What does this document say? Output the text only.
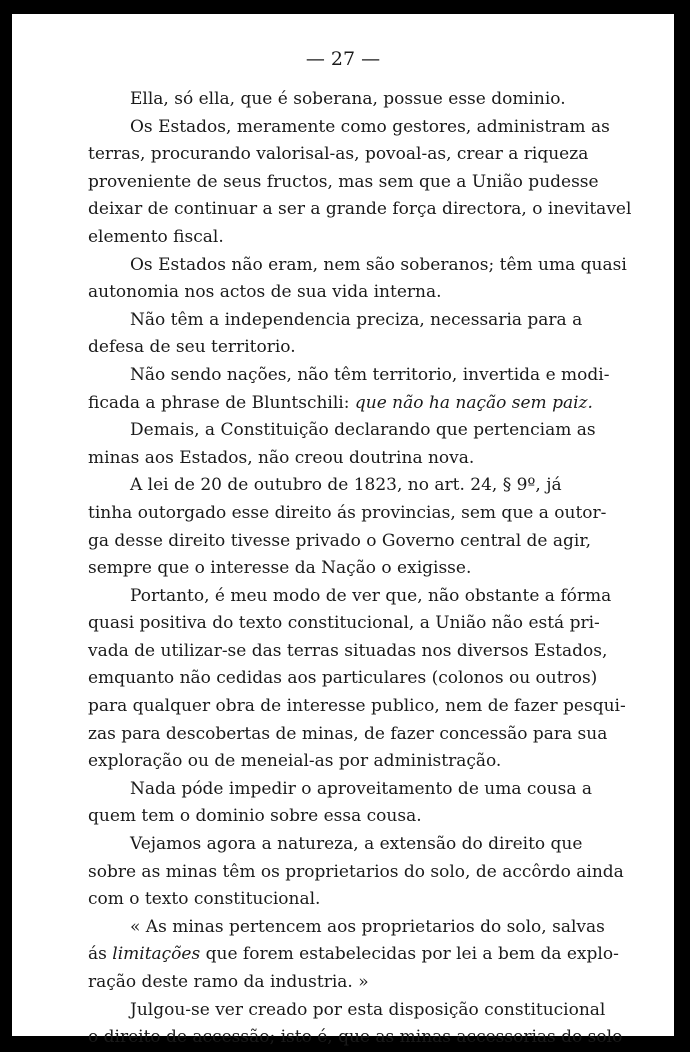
— 27 —
Ella, só ella, que é soberana, possue esse dominio.
Os Estados, meramente como gestores, administram as
terras, procurando valorisal-as, povoal-as, crear a riqueza
proveniente de seus fructos, mas sem que a União pudesse
deixar de continuar a ser a grande força directora, o inevitavel
elemento fiscal.
Os Estados não eram, nem são soberanos; têm uma quasi
autonomia nos actos de sua vida interna.
Não têm a independencia preciza, necessaria para a
defesa de seu territorio.
Não sendo nações, não têm territorio, invertida e modi-
ficada a phrase de Bluntschili: que não ha nação sem paiz.
Demais, a Constituição declarando que pertenciam as
minas aos Estados, não creou doutrina nova.
A lei de 20 de outubro de 1823, no art. 24, § 9º, já
tinha outorgado esse direito ás provincias, sem que a outor-
ga desse direito tivesse privado o Governo central de agir,
sempre que o interesse da Nação o exigisse.
Portanto, é meu modo de ver que, não obstante a fórma
quasi positiva do texto constitucional, a União não está pri-
vada de utilizar-se das terras situadas nos diversos Estados,
emquanto não cedidas aos particulares (colonos ou outros)
para qualquer obra de interesse publico, nem de fazer pesqui-
zas para descobertas de minas, de fazer concessão para sua
exploração ou de meneial-as por administração.
Nada póde impedir o aproveitamento de uma cousa a
quem tem o dominio sobre essa cousa.
Vejamos agora a natureza, a extensão do direito que
sobre as minas têm os proprietarios do solo, de accôrdo ainda
com o texto constitucional.
« As minas pertencem aos proprietarios do solo, salvas
ás limitações que forem estabelecidas por lei a bem da explo-
ração deste ramo da industria. »
Julgou-se ver creado por esta disposição constitucional
o direito de accessão; isto é, que as minas accessorias do solo
